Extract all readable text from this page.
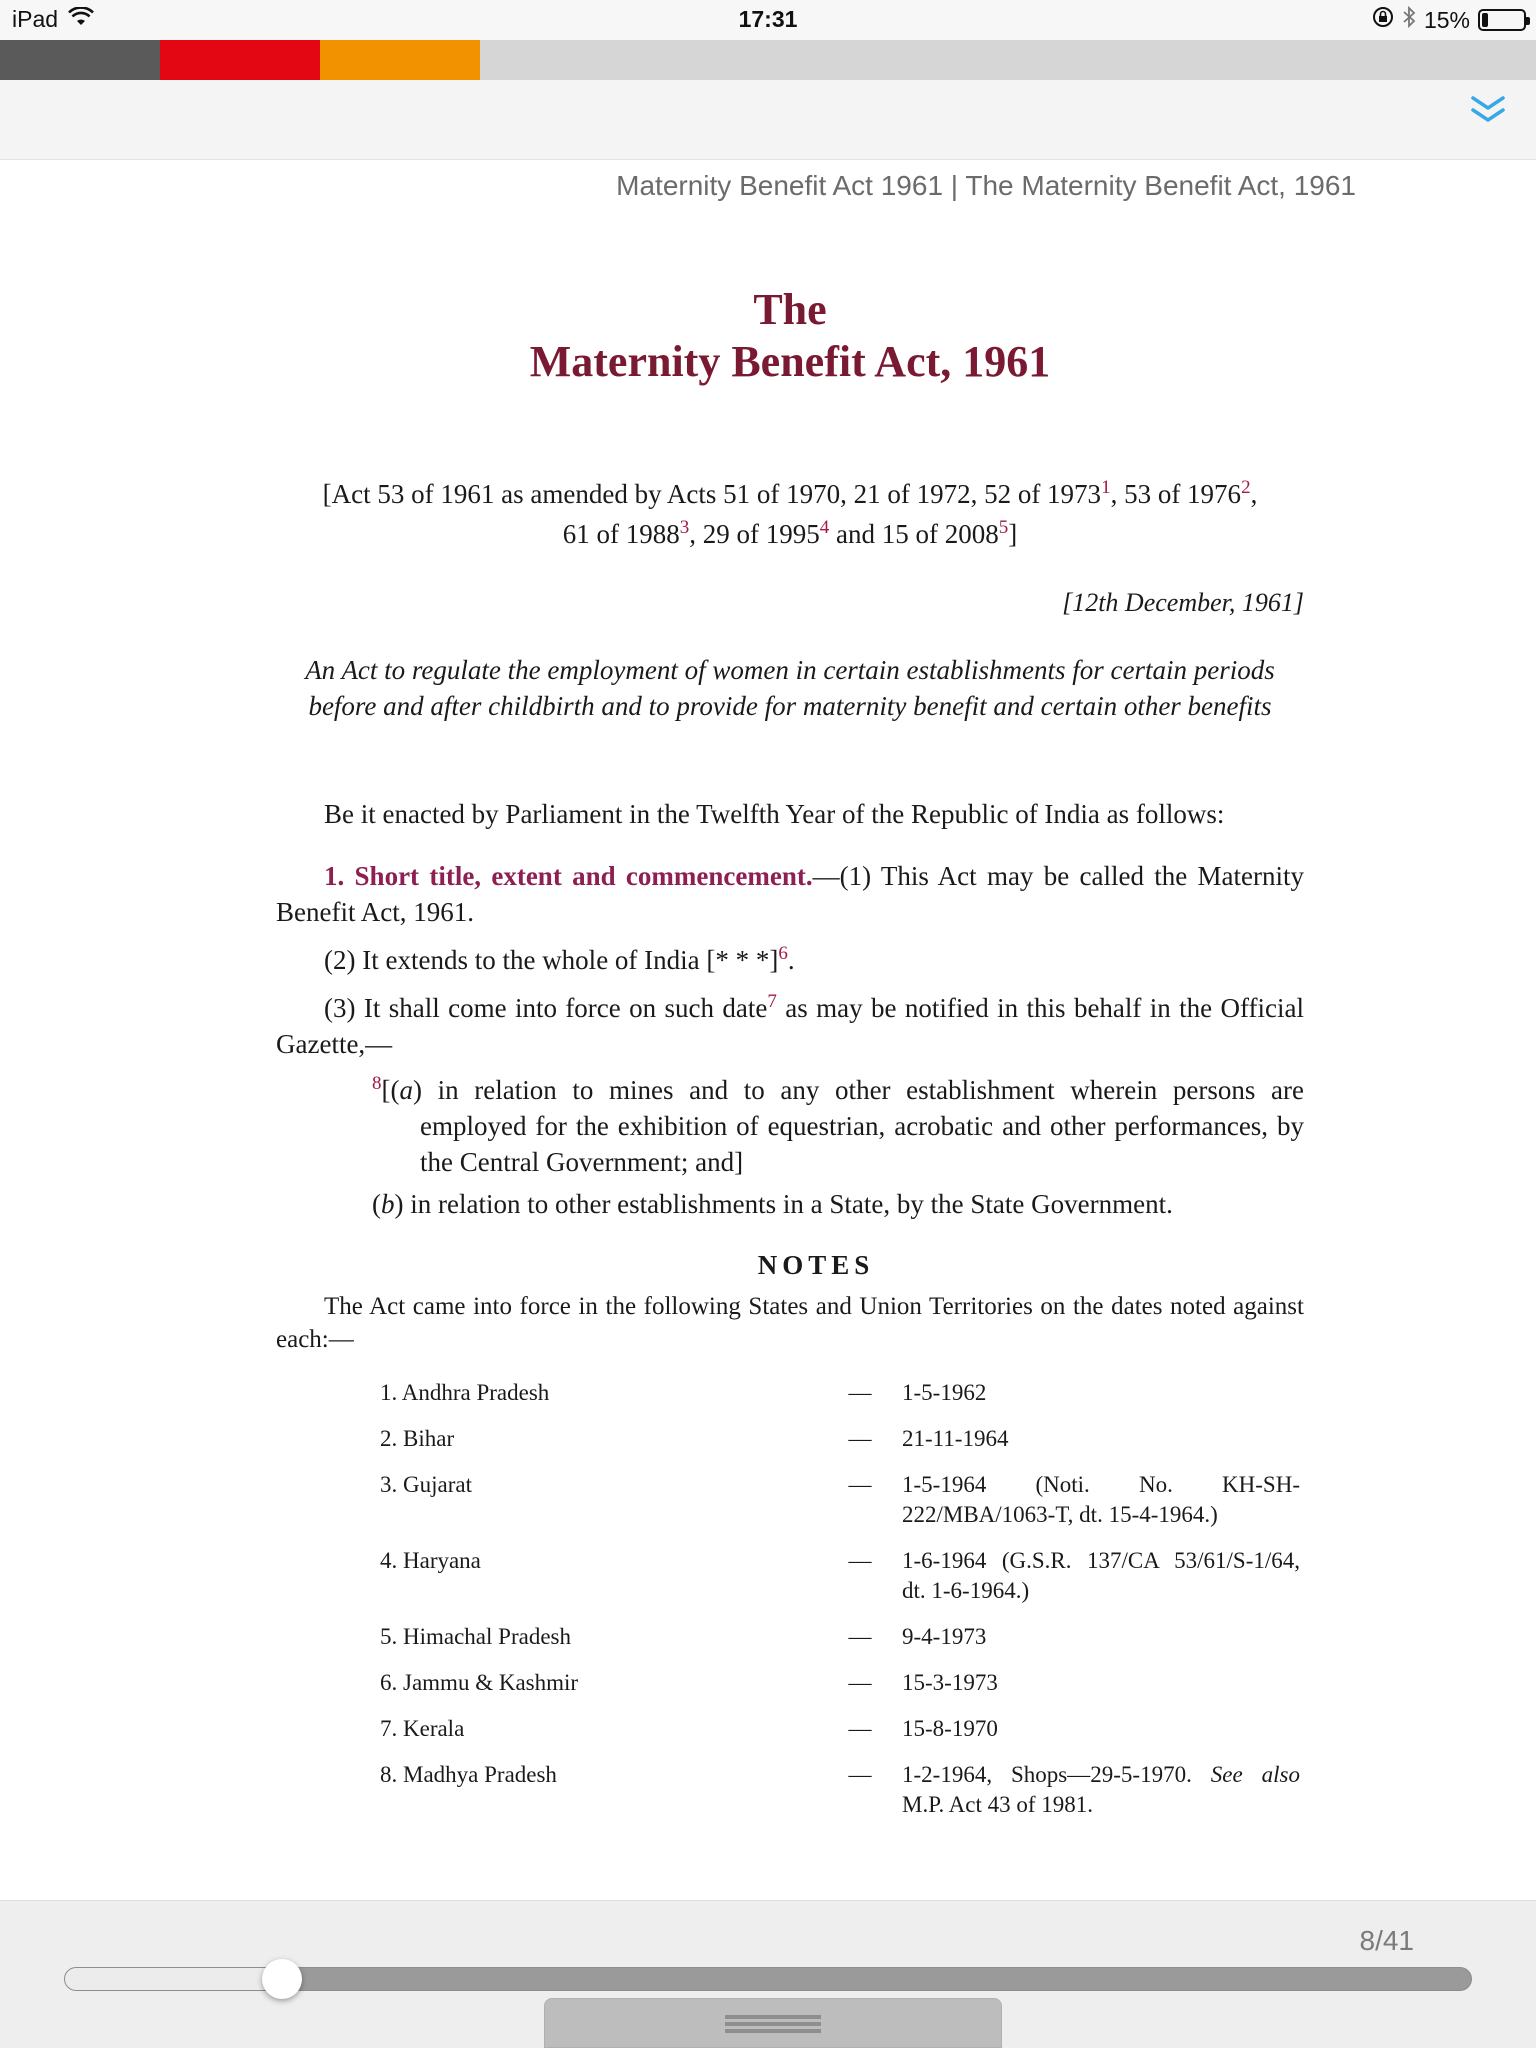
iPad	17:31	15%
Maternity Benefit Act 1961 | The Maternity Benefit Act, 1961
The
Maternity Benefit Act, 1961
[Act 53 of 1961 as amended by Acts 51 of 1970, 21 of 1972, 52 of 1973$^1$, 53 of 1976$^2$,
61 of 1988$^3$, 29 of 1995$^4$ and 15 of 2008$^5$]
[12th December, 1961]
An Act to regulate the employment of women in certain establishments for certain periods before and after childbirth and to provide for maternity benefit and certain other benefits
Be it enacted by Parliament in the Twelfth Year of the Republic of India as follows:
1. Short title, extent and commencement.—(1) This Act may be called the Maternity Benefit Act, 1961.
(2) It extends to the whole of India [* * *]$^6$.
(3) It shall come into force on such date$^7$ as may be notified in this behalf in the Official Gazette,—
$^8$[(a) in relation to mines and to any other establishment wherein persons are employed for the exhibition of equestrian, acrobatic and other performances, by the Central Government; and]
(b) in relation to other establishments in a State, by the State Government.
NOTES
The Act came into force in the following States and Union Territories on the dates noted against each:—
1. Andhra Pradesh	—	1-5-1962
2. Bihar	—	21-11-1964
3. Gujarat	—	1-5-1964 (Noti. No. KH-SH-222/MBA/1063-T, dt. 15-4-1964.)
4. Haryana	—	1-6-1964 (G.S.R. 137/CA 53/61/S-1/64, dt. 1-6-1964.)
5. Himachal Pradesh	—	9-4-1973
6. Jammu & Kashmir	—	15-3-1973
7. Kerala	—	15-8-1970
8. Madhya Pradesh	—	1-2-1964, Shops—29-5-1970. See also M.P. Act 43 of 1981.
8/41
